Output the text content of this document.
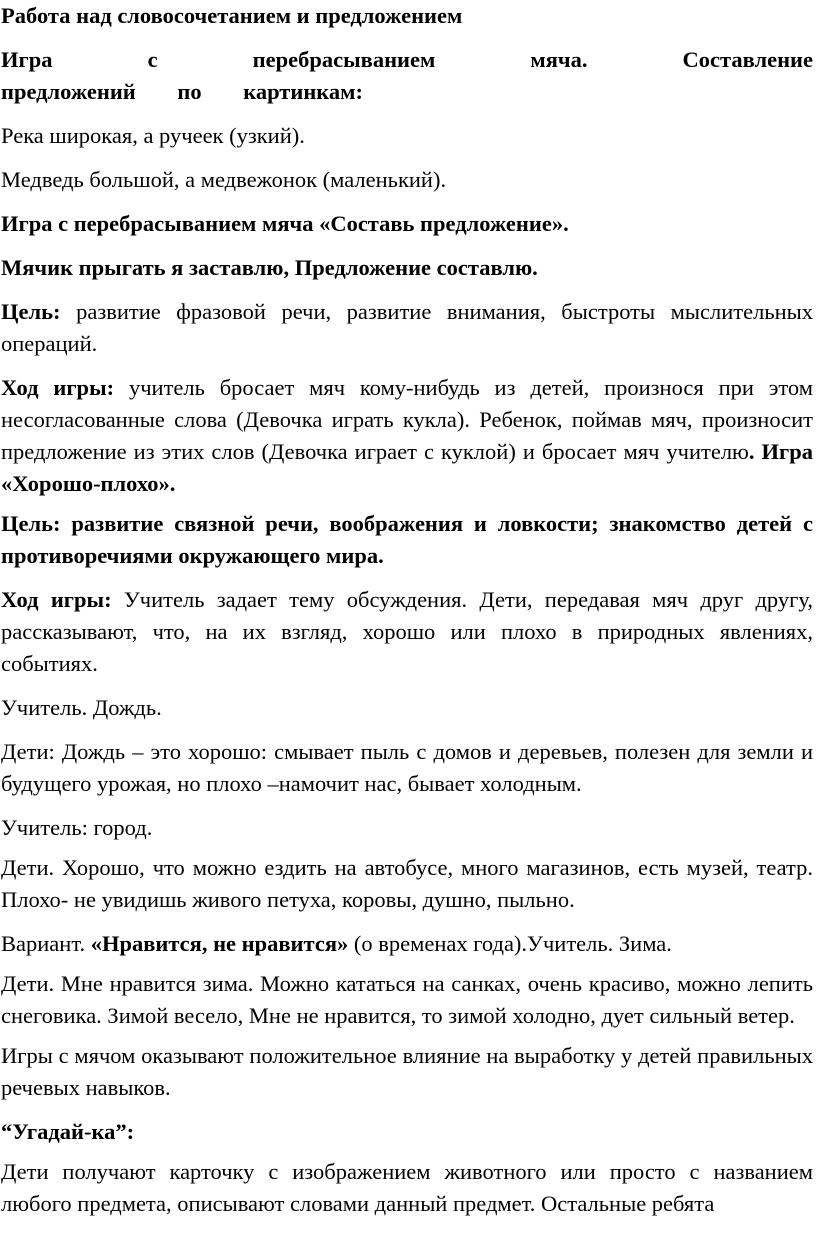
Работа над словосочетанием и предложением

Игра с перебрасыванием мяча. Составление

предложений по картинкам:

Река широкая, а ручеек (узкий).

Медведь большой, а медвежонок (маленький).

Игра с перебрасыванием мяча «Составь предложение».

Мячик прыгать я заставлю, Предложение составлю.

Цель: развитие фразовой речи, развитие внимания, быстроты мыслительных операций.

Ход игры: учитель бросает мяч кому-нибудь из детей, произнося при этом несогласованные слова (Девочка играть кукла). Ребенок, поймав мяч, произносит предложение из этих слов (Девочка играет с куклой) и бросает мяч учителю. Игра «Хорошо-плохо».

Цель: развитие связной речи, воображения и ловкости; знакомство детей с противоречиями окружающего мира.

Ход игры: Учитель задает тему обсуждения. Дети, передавая мяч друг другу, рассказывают, что, на их взгляд, хорошо или плохо в природных явлениях, событиях.

Учитель. Дождь.

Дети: Дождь – это хорошо: смывает пыль с домов и деревьев, полезен для земли и будущего урожая, но плохо –намочит нас, бывает холодным.

Учитель: город.

Дети. Хорошо, что можно ездить на автобусе, много магазинов, есть музей, театр. Плохо- не увидишь живого петуха, коровы, душно, пыльно.

Вариант. «Нравится, не нравится» (о временах года).Учитель. Зима.

Дети. Мне нравится зима. Можно кататься на санках, очень красиво, можно лепить снеговика. Зимой весело, Мне не нравится, то зимой холодно, дует сильный ветер.

Игры с мячом оказывают положительное влияние на выработку у детей правильных речевых навыков.

“Угадай-ка”:

Дети получают карточку с изображением животного или просто с названием любого предмета, описывают словами данный предмет. Остальные ребята
